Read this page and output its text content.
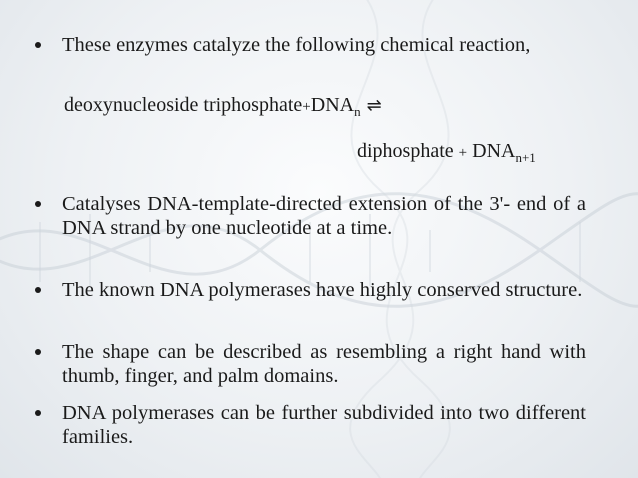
These enzymes catalyze the following chemical reaction,
Catalyses DNA-template-directed extension of the 3'- end of a DNA strand by one nucleotide at a time.
The known DNA polymerases have highly conserved structure.
The shape can be described as resembling a right hand with thumb, finger, and palm domains.
DNA polymerases can be further subdivided into two different families.
deoxynucleoside $triphosphate+DNA_n$ ⇌
diphosphate + $DNA_{n+1}$
